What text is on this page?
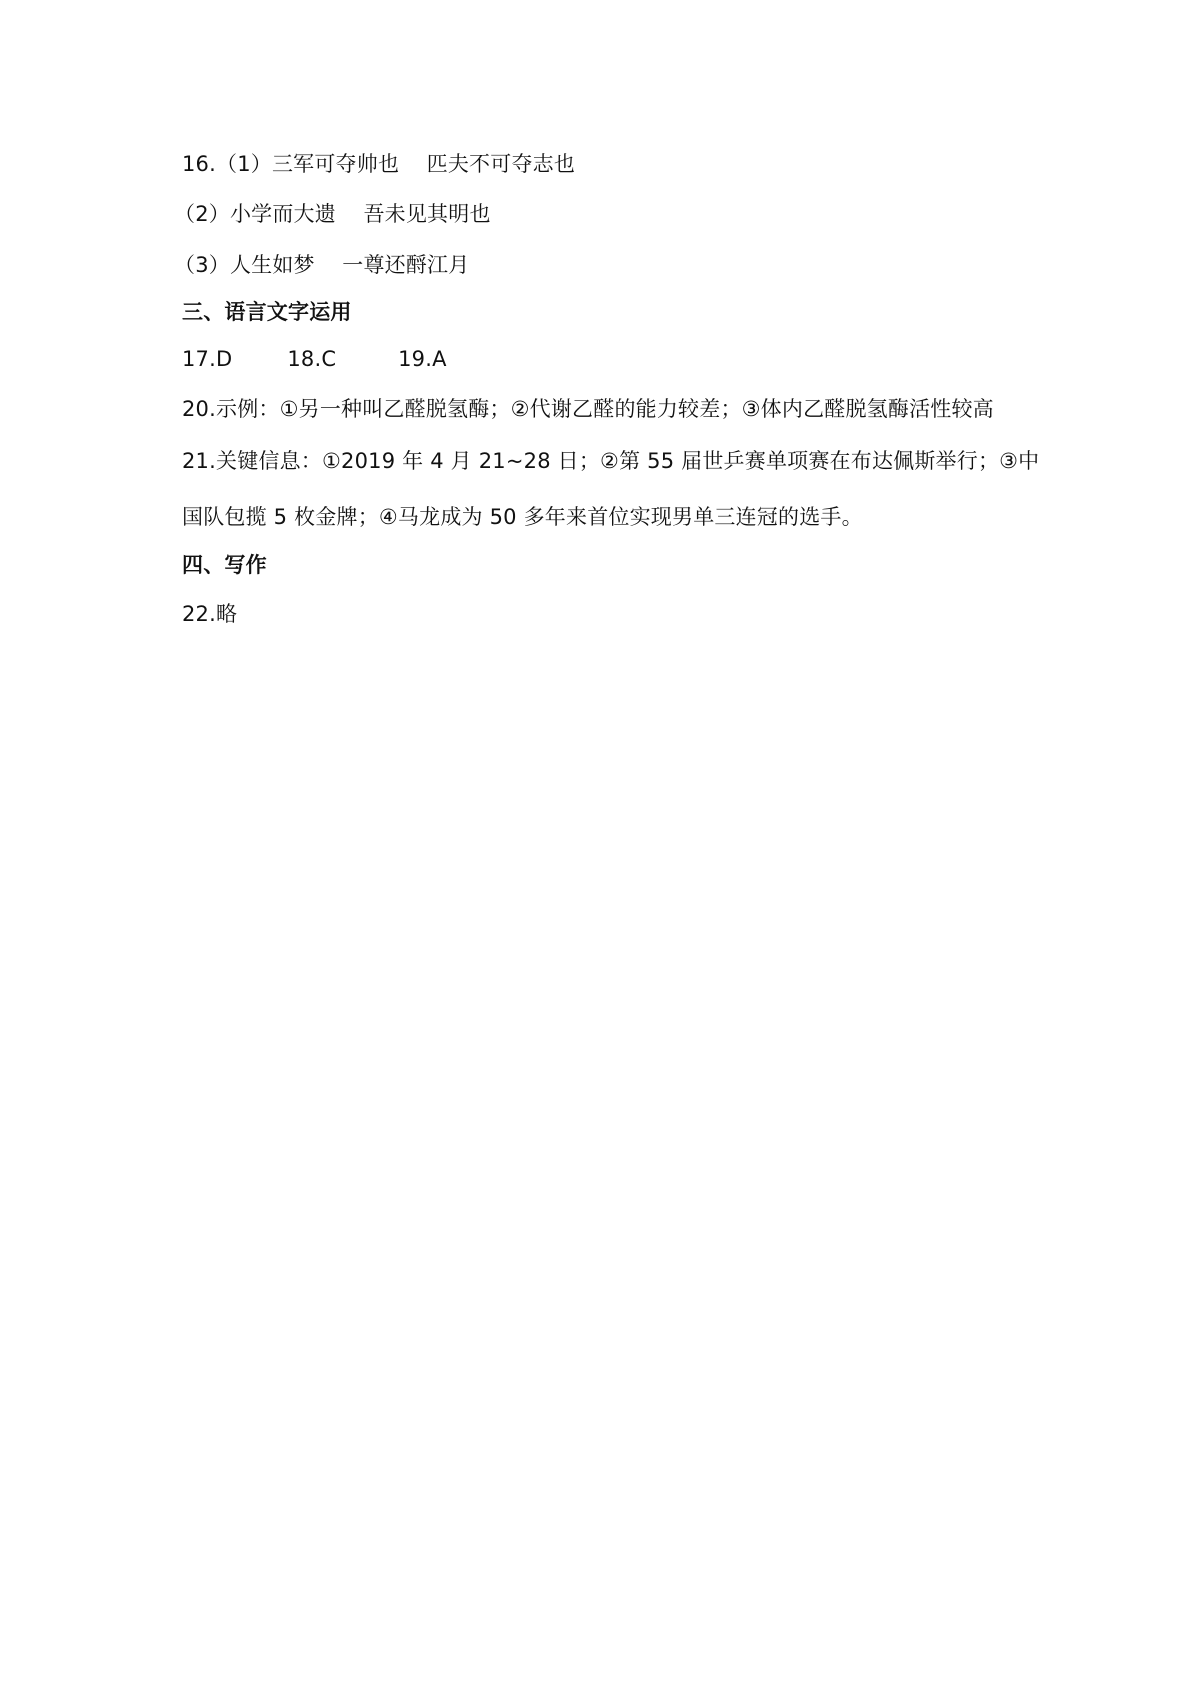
16.（1）三军可夺帅也    匹夫不可夺志也
（2）小学而大遗    吾未见其明也
（3）人生如梦    一尊还酹江月
三、语言文字运用
17.D        18.C         19.A
20.示例：①另一种叫乙醛脱氢酶；②代谢乙醛的能力较差；③体内乙醛脱氢酶活性较高
21.关键信息：①2019 年 4 月 21~28 日；②第 55 届世乒赛单项赛在布达佩斯举行；③中
国队包揽 5 枚金牌；④马龙成为 50 多年来首位实现男单三连冠的选手。
四、写作
22.略
